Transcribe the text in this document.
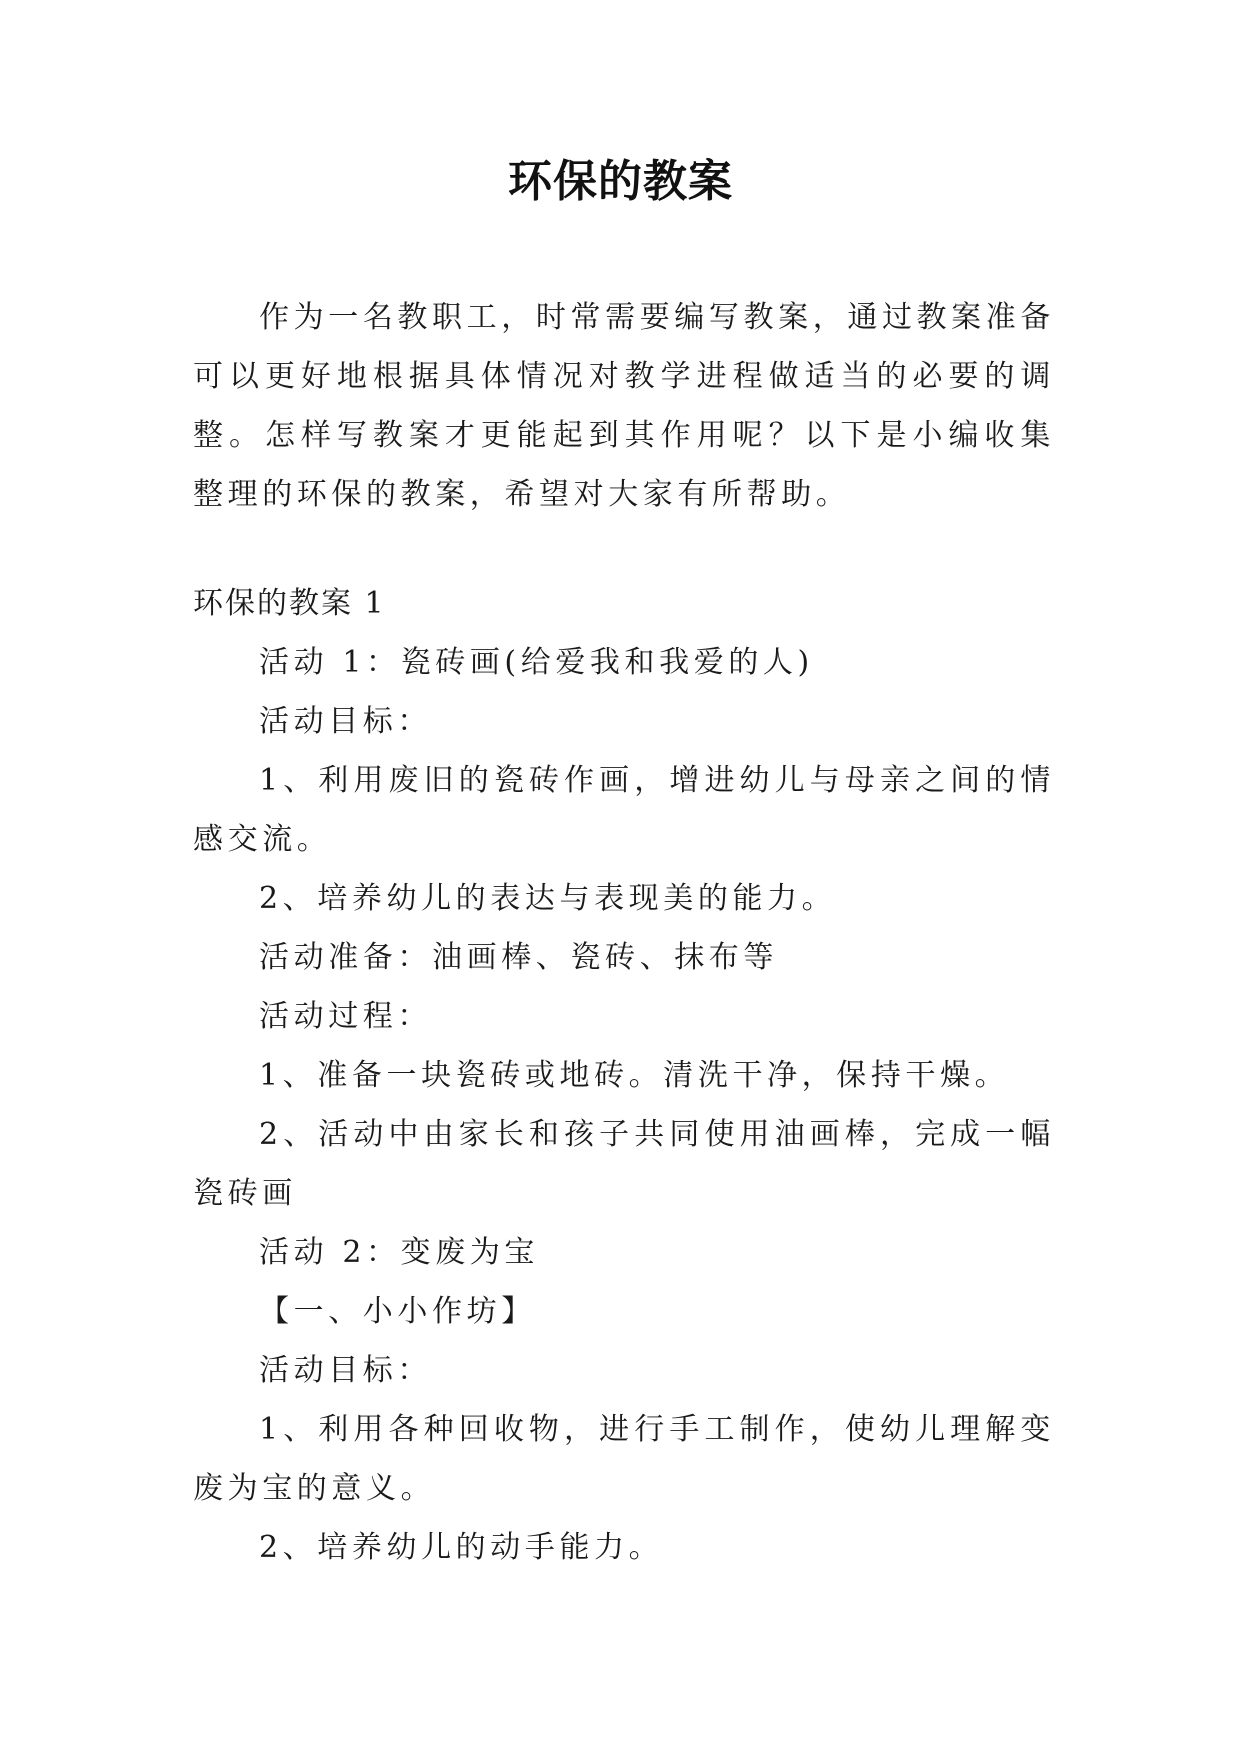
环保的教案

作为一名教职工，时常需要编写教案，通过教案准备可以更好地根据具体情况对教学进程做适当的必要的调整。怎样写教案才更能起到其作用呢？以下是小编收集整理的环保的教案，希望对大家有所帮助。

环保的教案 1

活动 1：瓷砖画(给爱我和我爱的人)

活动目标：

1、利用废旧的瓷砖作画，增进幼儿与母亲之间的情感交流。

2、培养幼儿的表达与表现美的能力。

活动准备：油画棒、瓷砖、抹布等

活动过程：

1、准备一块瓷砖或地砖。清洗干净，保持干燥。

2、活动中由家长和孩子共同使用油画棒，完成一幅瓷砖画

活动 2：变废为宝

【一、小小作坊】

活动目标：

1、利用各种回收物，进行手工制作，使幼儿理解变废为宝的意义。

2、培养幼儿的动手能力。
